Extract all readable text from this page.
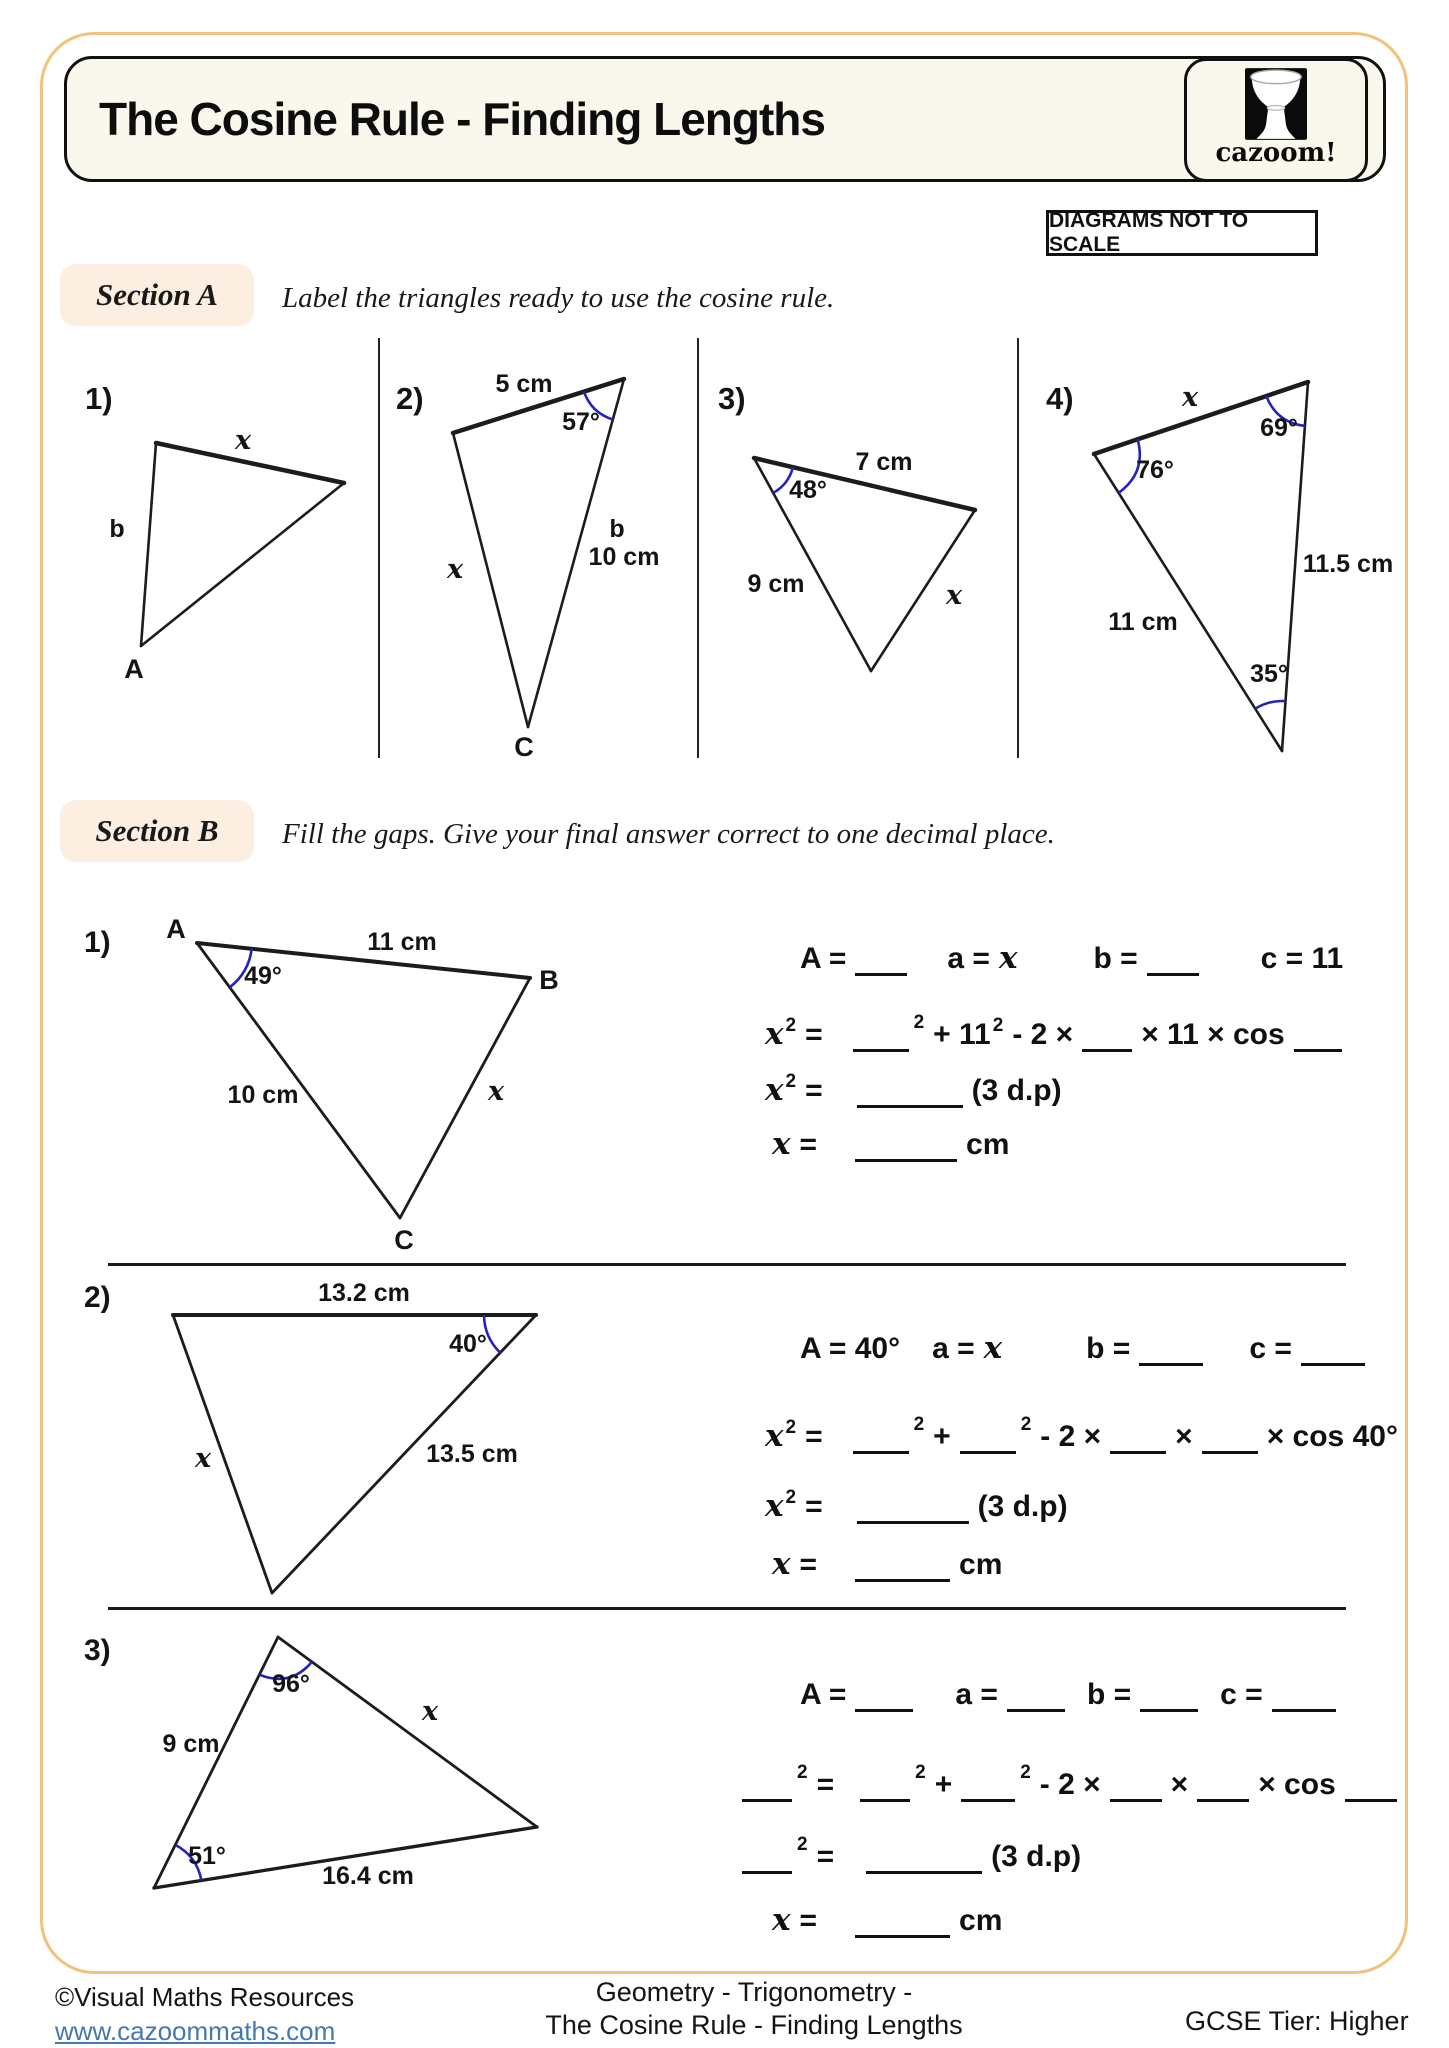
The Cosine Rule - Finding Lengths
cazoom!
DIAGRAMS NOT TO SCALE
Section A Label the triangles ready to use the cosine rule.
1)
x
b
A
2)	5 cm
57°
x
b
10 cm
C
3)
7 cm
48°
9 cm	x
4)	x
69°
76°
11.5 cm
11 cm
35°
Section B Fill the gaps. Give your final answer correct to one decimal place.
1) A	11 cm
B
49°
10 cm	x
C
A =	a = x	b =	c = 11
x 2 =	2 + 11 2 - 2 × × 11 × cos
x 2 =	(3 d.p)
x =	cm
2)	13.2 cm
40°
x	13.5 cm
A = 40° a = x	b =	c =
x 2 =	2 +	2 - 2 × × × cos 40°
x 2 =	(3 d.p)
x =	cm
3)
96°
x
9 cm
51°
16.4 cm
A =	a =	b =	c =
2 =	2 +	2 - 2 × × × cos
2 =	(3 d.p)
x =	cm
©Visual Maths Resources
www.cazoommaths.com
Geometry - Trigonometry -
The Cosine Rule - Finding Lengths	GCSE Tier: Higher
